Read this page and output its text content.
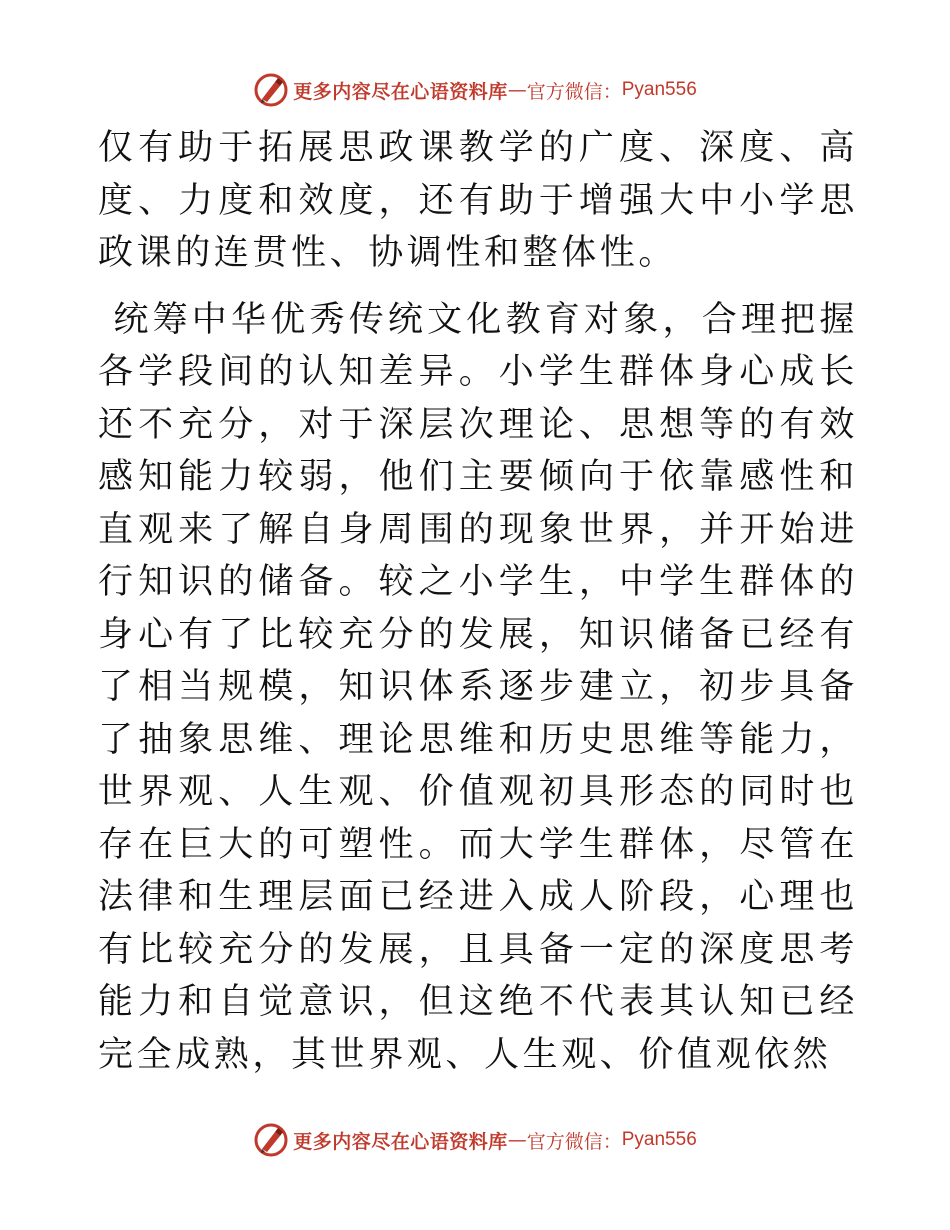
更多内容尽在心语资料库 — 官方微信： Pyan556

仅有助于拓展思政课教学的广度、深度、高度、力度和效度，还有助于增强大中小学思政课的连贯性、协调性和整体性。

统筹中华优秀传统文化教育对象，合理把握各学段间的认知差异。小学生群体身心成长还不充分，对于深层次理论、思想等的有效感知能力较弱，他们主要倾向于依靠感性和直观来了解自身周围的现象世界，并开始进行知识的储备。较之小学生，中学生群体的身心有了比较充分的发展，知识储备已经有了相当规模，知识体系逐步建立，初步具备了抽象思维、理论思维和历史思维等能力，世界观、人生观、价值观初具形态的同时也存在巨大的可塑性。而大学生群体，尽管在法律和生理层面已经进入成人阶段，心理也有比较充分的发展，且具备一定的深度思考能力和自觉意识，但这绝不代表其认知已经完全成熟，其世界观、人生观、价值观依然

更多内容尽在心语资料库 — 官方微信： Pyan556
